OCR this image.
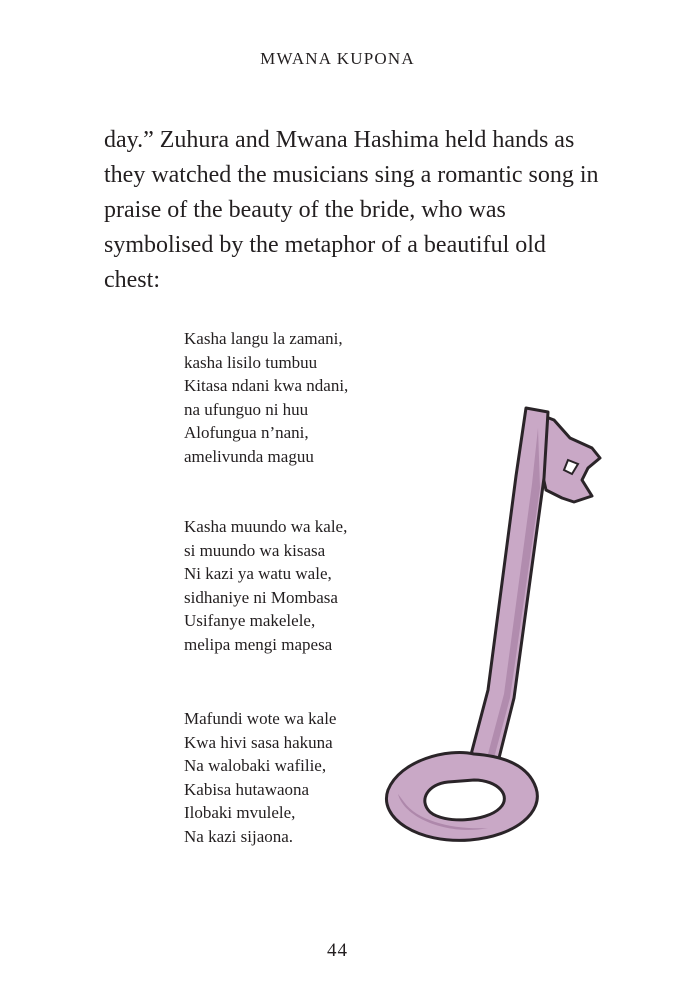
MWANA KUPONA

day.” Zuhura and Mwana Hashima held hands as they watched the musicians sing a romantic song in praise of the beauty of the bride, who was symbolised by the metaphor of a beautiful old chest:

Kasha langu la zamani,
kasha lisilo tumbuu
Kitasa ndani kwa ndani,
na ufunguo ni huu
Alofungua n’nani,
amelivunda maguu
Kasha muundo wa kale,
si muundo wa kisasa
Ni kazi ya watu wale,
sidhaniye ni Mombasa
Usifanye makelele,
melipa mengi mapesa
Mafundi wote wa kale
Kwa hivi sasa hakuna
Na walobaki wafilie,
Kabisa hutawaona
Ilobaki mvulele,
Na kazi sijaona.
44
